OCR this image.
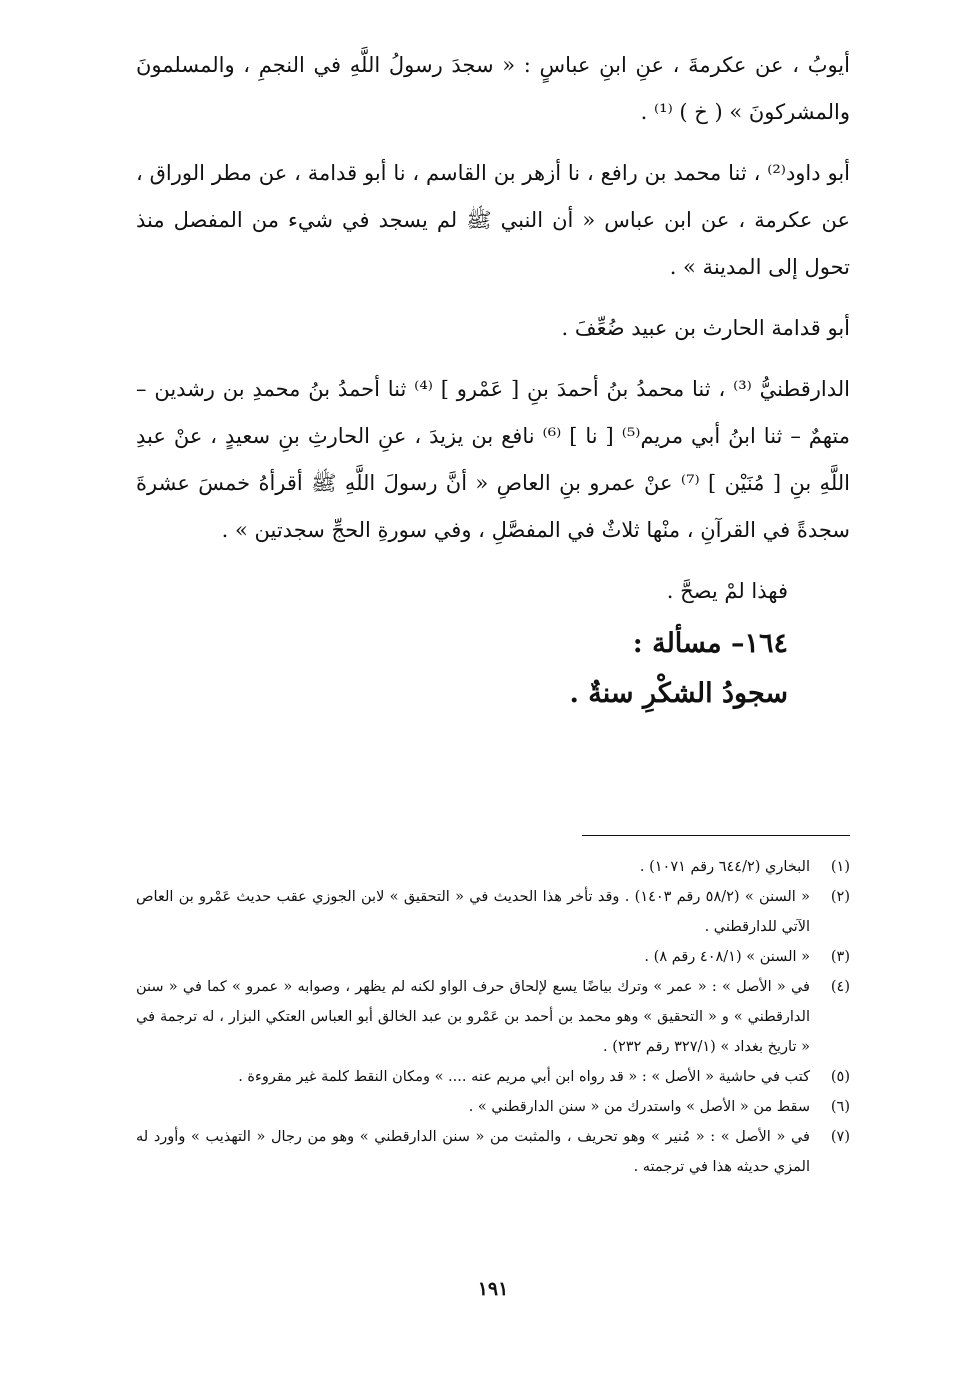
أيوبُ ، عن عكرمةَ ، عنِ ابنِ عباسٍ : « سجدَ رسولُ اللَّهِ في النجمِ ، والمسلمونَ والمشركونَ » ( خ ) ⁽¹⁾ .

أبو داود⁽²⁾ ، ثنا محمد بن رافع ، نا أزهر بن القاسم ، نا أبو قدامة ، عن مطر الوراق ، عن عكرمة ، عن ابن عباس « أن النبي ﷺ لم يسجد في شيء من المفصل منذ تحول إلى المدينة » .

أبو قدامة الحارث بن عبيد ضُعِّفَ .

الدارقطنيُّ ⁽³⁾ ، ثنا محمدُ بنُ أحمدَ بنِ [ عَمْرو ] ⁽⁴⁾ ثنا أحمدُ بنُ محمدِ بن رشدين – متهمٌ – ثنا ابنُ أبي مريم⁽⁵⁾ [ نا ] ⁽⁶⁾ نافع بن يزيدَ ، عنِ الحارثِ بنِ سعيدٍ ، عنْ عبدِ اللَّهِ بنِ [ مُنَيْن ] ⁽⁷⁾ عنْ عمرو بنِ العاصِ « أنَّ رسولَ اللَّهِ ﷺ أقرأهُ خمسَ عشرةَ سجدةً في القرآنِ ، منْها ثلاثٌ في المفصَّلِ ، وفي سورةِ الحجِّ سجدتين » .

فهذا لمْ يصحَّ .

١٦٤– مسألة :
سجودُ الشكْرِ سنةٌ .
(١)
البخاري (٦٤٤/٢ رقم ١٠٧١) .
(٢)
« السنن » (٥٨/٢ رقم ١٤٠٣) . وقد تأخر هذا الحديث في « التحقيق » لابن الجوزي عقب حديث عَمْرو بن العاص الآتي للدارقطني .
(٣)
« السنن » (٤٠٨/١ رقم ٨) .
(٤)
في « الأصل » : « عمر » وترك بياضًا يسع لإلحاق حرف الواو لكنه لم يظهر ، وصوابه « عمرو » كما في « سنن الدارقطني » و « التحقيق » وهو محمد بن أحمد بن عَمْرو بن عبد الخالق أبو العباس العتكي البزار ، له ترجمة في « تاريخ بغداد » (٣٢٧/١ رقم ٢٣٢) .
(٥)
كتب في حاشية « الأصل » : « قد رواه ابن أبي مريم عنه .... » ومكان النقط كلمة غير مقروءة .
(٦)
سقط من « الأصل » واستدرك من « سنن الدارقطني » .
(٧)
في « الأصل » : « مُنير » وهو تحريف ، والمثبت من « سنن الدارقطني » وهو من رجال « التهذيب » وأورد له المزي حديثه هذا في ترجمته .
١٩١
